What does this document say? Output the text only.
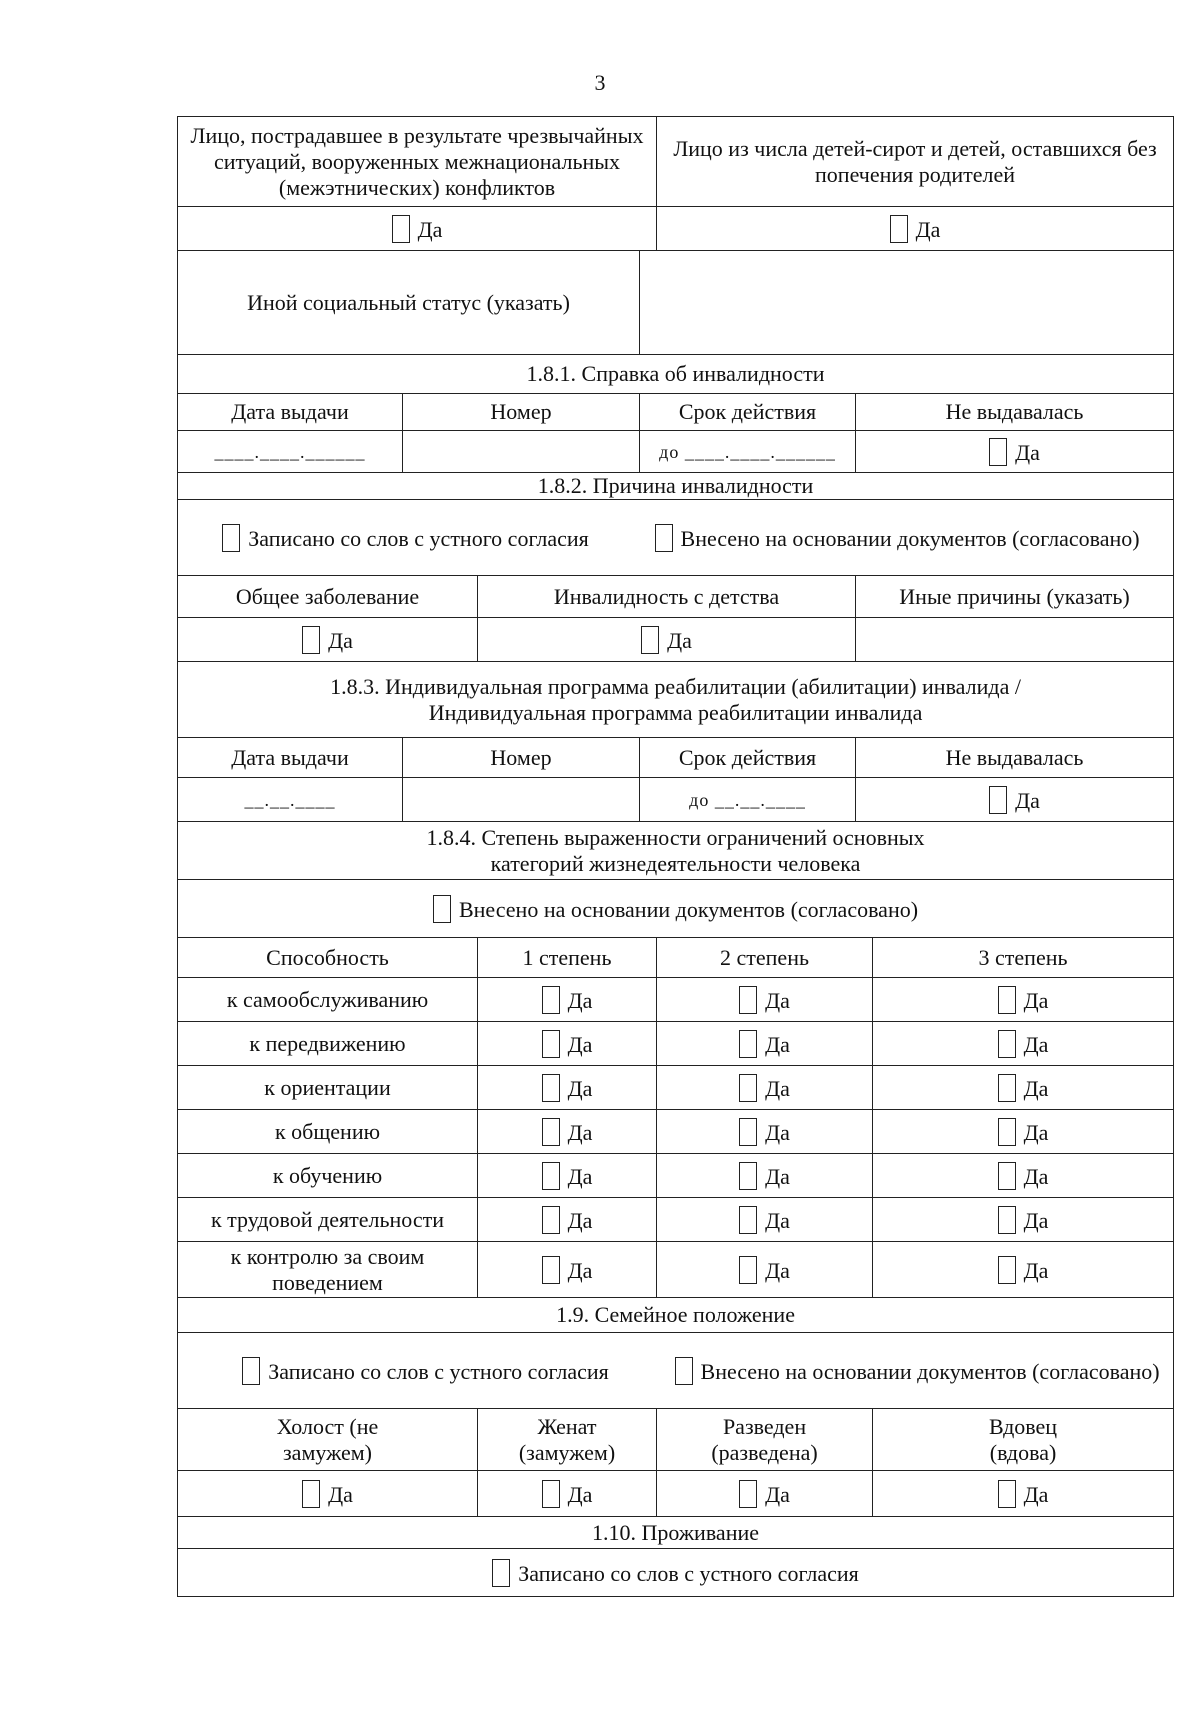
3
Лицо, пострадавшее в результате чрезвычайных ситуаций, вооруженных межнациональных (межэтнических) конфликтов				Лицо из числа детей-сирот и детей, оставшихся без попечения родителей		
Да				Да		
Иной социальный статус (указать)						
1.8.1. Справка об инвалидности						
Дата выдачи	Номер		Срок действия		Не выдавалась	
____.____.______			до ____.____.______		Да	
1.8.2. Причина инвалидности						

Записано со слов с устного согласия Внесено на основании документов (согласовано)						

Общее заболевание		Инвалидность с детства			Иные причины (указать)	
Да		Да				
1.8.3. Индивидуальная программа реабилитации (абилитации) инвалида / Индивидуальная программа реабилитации инвалида						
Дата выдачи	Номер		Срок действия		Не выдавалась	
__.__.____			до __.__.____		Да	
1.8.4. Степень выраженности ограничений основных категорий жизнедеятельности человека						
Внесено на основании документов (согласовано)						
Способность		1 степень		2 степень		3 степень
к самообслуживанию		Да		Да		Да
к передвижению		Да		Да		Да
к ориентации		Да		Да		Да
к общению		Да		Да		Да
к обучению		Да		Да		Да
к трудовой деятельности		Да		Да		Да
к контролю за своим поведением		Да		Да		Да
1.9. Семейное положение						

Записано со слов с устного согласия Внесено на основании документов (согласовано)						

Холост (не замужем)		Женат (замужем)		Разведен (разведена)		Вдовец (вдова)
Да		Да		Да		Да
1.10. Проживание						
Записано со слов с устного согласия						
